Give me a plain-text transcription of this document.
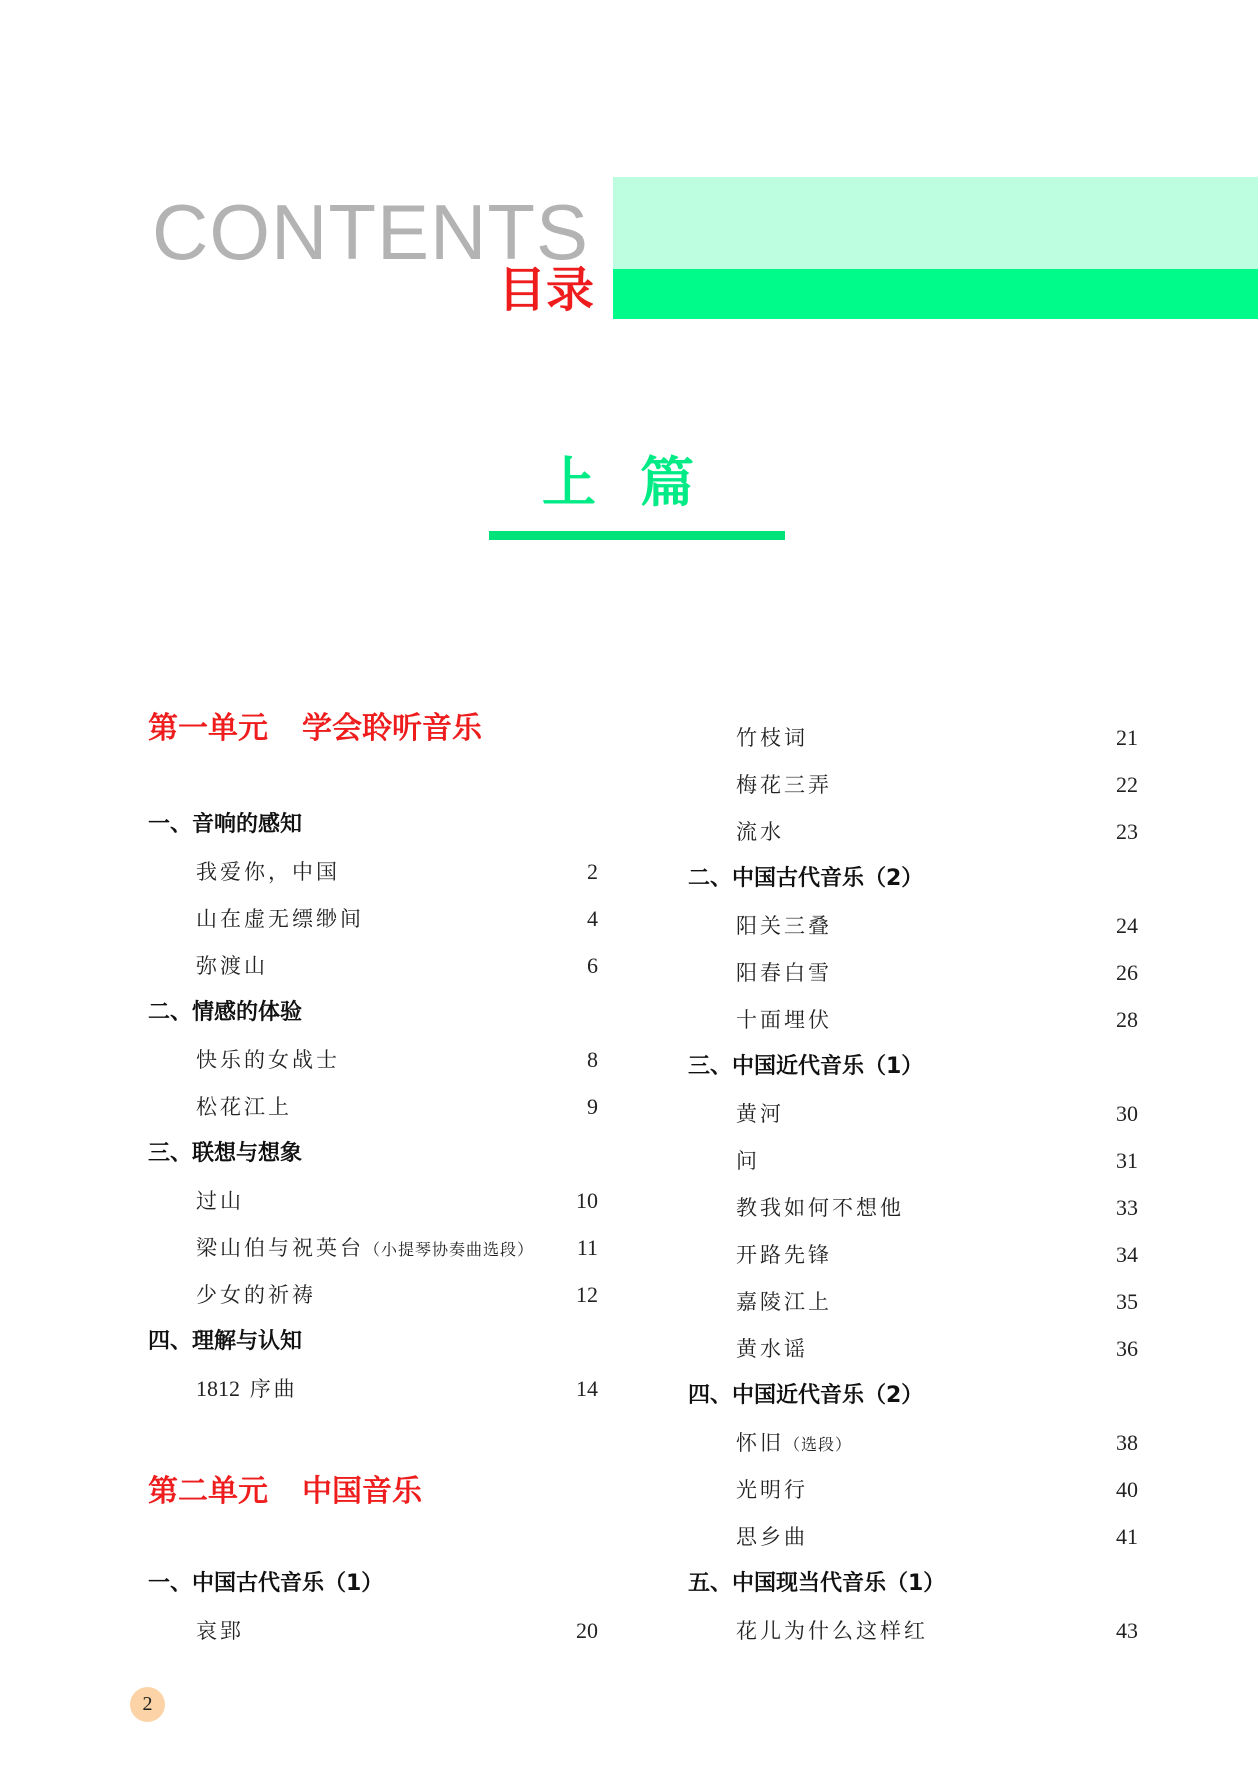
CONTENTS
目录
上篇
第一单元 学会聆听音乐
一、音响的感知
我爱你，中国	2
山在虚无缥缈间	4
弥渡山	6
二、情感的体验
快乐的女战士	8
松花江上	9
三、联想与想象
过山	10
梁山伯与祝英台（小提琴协奏曲选段） 11
少女的祈祷	12
四、理解与认知
1812 序曲	14
第二单元 中国音乐
一、中国古代音乐（1）
哀郢	20
竹枝词	21
梅花三弄	22
流水	23
二、中国古代音乐（2）
阳关三叠	24
阳春白雪	26
十面埋伏	28
三、中国近代音乐（1）
黄河	30
问	31
教我如何不想他	33
开路先锋	34
嘉陵江上	35
黄水谣	36
四、中国近代音乐（2）
怀旧（选段）	38
光明行	40
思乡曲	41
五、中国现当代音乐（1）
花儿为什么这样红	43
2
